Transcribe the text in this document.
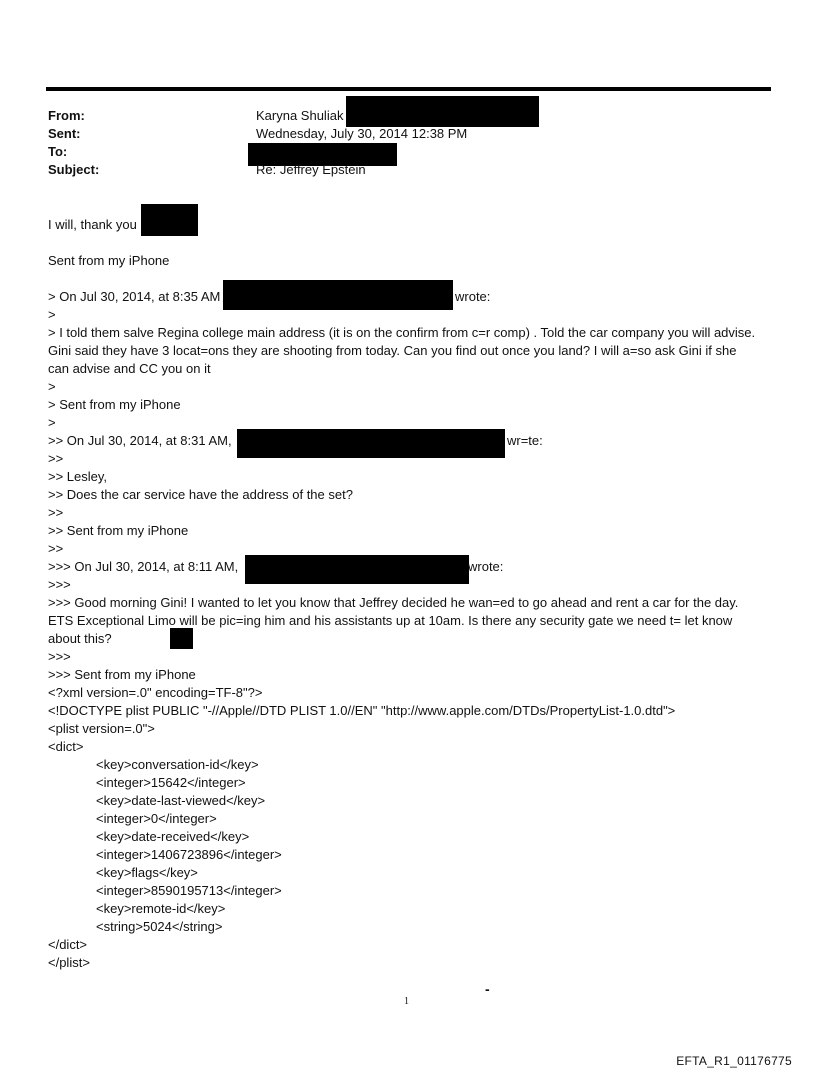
From:	Karyna Shuliak
Sent:	Wednesday, July 30, 2014 12:38 PM
To:
Subject:	Re: Jeffrey Epstein
I will, thank you
Sent from my iPhone
> On Jul 30, 2014, at 8:35 AM	wrote:
>
> I told them salve Regina college main address (it is on the confirm from c=r comp) . Told the car company you will advise. Gini said they have 3 locat=ons they are shooting from today. Can you find out once you land? I will a=so ask Gini if she can advise and CC you on it
>
> Sent from my iPhone
>
>> On Jul 30, 2014, at 8:31 AM,	wr=te:
>>
>> Lesley,
>> Does the car service have the address of the set?
>>
>> Sent from my iPhone
>>
>>> On Jul 30, 2014, at 8:11 AM,	wrote:
>>>
>>> Good morning Gini! I wanted to let you know that Jeffrey decided he wan=ed to go ahead and rent a car for the day. ETS Exceptional Limo will be pic=ing him and his assistants up at 10am. Is there any security gate we need t= let know about this?
>>>
>>> Sent from my iPhone
<?xml version=.0" encoding=TF-8"?>
<!DOCTYPE plist PUBLIC "-//Apple//DTD PLIST 1.0//EN" "http://www.apple.com/DTDs/PropertyList-1.0.dtd">
<plist version=.0">
<dict>
<key>conversation-id</key>
<integer>15642</integer>
<key>date-last-viewed</key>
<integer>0</integer>
<key>date-received</key>
<integer>1406723896</integer>
<key>flags</key>
<integer>8590195713</integer>
<key>remote-id</key>
<string>5024</string>
</dict>
</plist>
-
1
EFTA_R1_01176775
